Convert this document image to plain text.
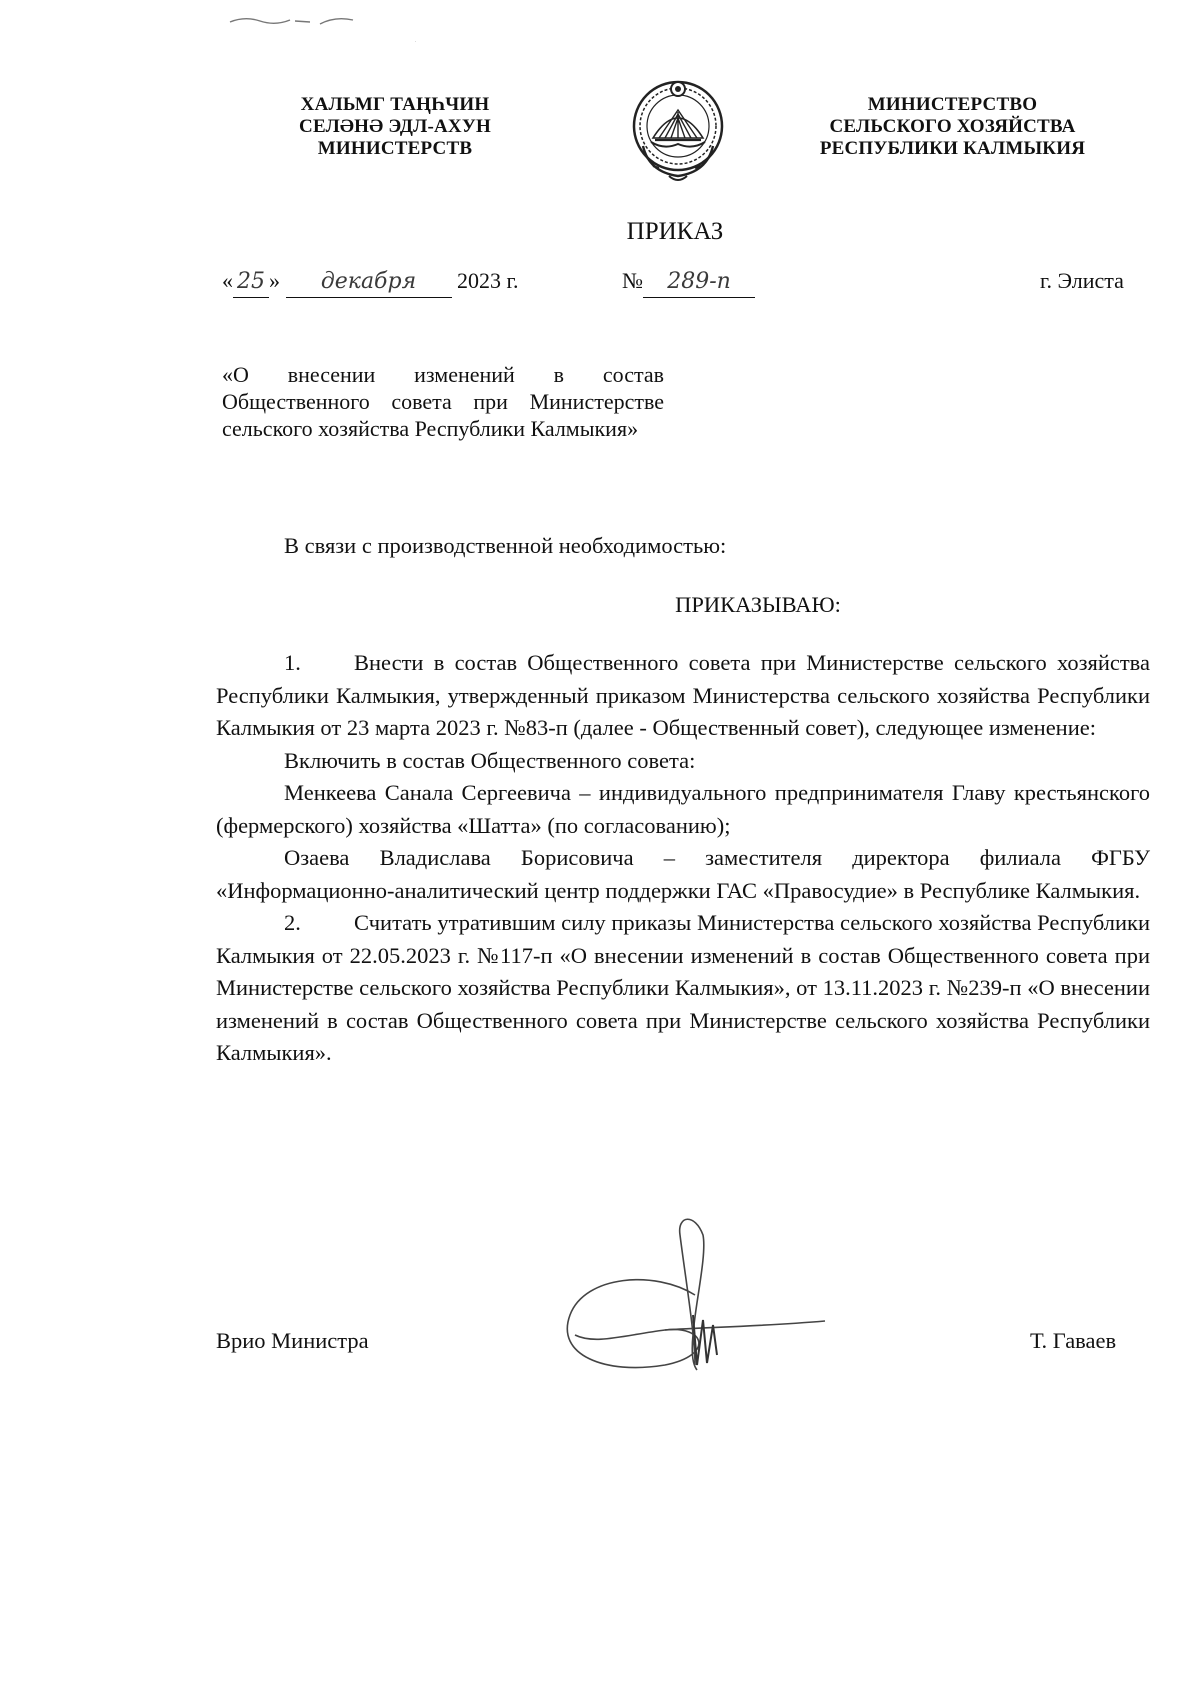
ХАЛЬМГ ТАҢҺЧИН
СЕЛӘНӘ ЭДЛ-АХУН
МИНИСТЕРСТВ
МИНИСТЕРСТВО
СЕЛЬСКОГО ХОЗЯЙСТВА
РЕСПУБЛИКИ КАЛМЫКИЯ
ПРИКАЗ
« 25 » декабря 2023 г.	№ 289-п	г. Элиста
«О внесении изменений в состав Общественного совета при Министерстве сельского хозяйства Республики Калмыкия»

В связи с производственной необходимостью:

ПРИКАЗЫВАЮ:

1. Внести в состав Общественного совета при Министерстве сельского хозяйства Республики Калмыкия, утвержденный приказом Министерства сельского хозяйства Республики Калмыкия от 23 марта 2023 г. №83-п (далее - Общественный совет), следующее изменение:

Включить в состав Общественного совета:

Менкеева Санала Сергеевича – индивидуального предпринимателя Главу крестьянского (фермерского) хозяйства «Шатта» (по согласованию);

Озаева Владислава Борисовича – заместителя директора филиала ФГБУ «Информационно-аналитический центр поддержки ГАС «Правосудие» в Республике Калмыкия.

2. Считать утратившим силу приказы Министерства сельского хозяйства Республики Калмыкия от 22.05.2023 г. №117-п «О внесении изменений в состав Общественного совета при Министерстве сельского хозяйства Республики Калмыкия», от 13.11.2023 г. №239-п «О внесении изменений в состав Общественного совета при Министерстве сельского хозяйства Республики Калмыкия».

Врио Министра	Т. Гаваев
